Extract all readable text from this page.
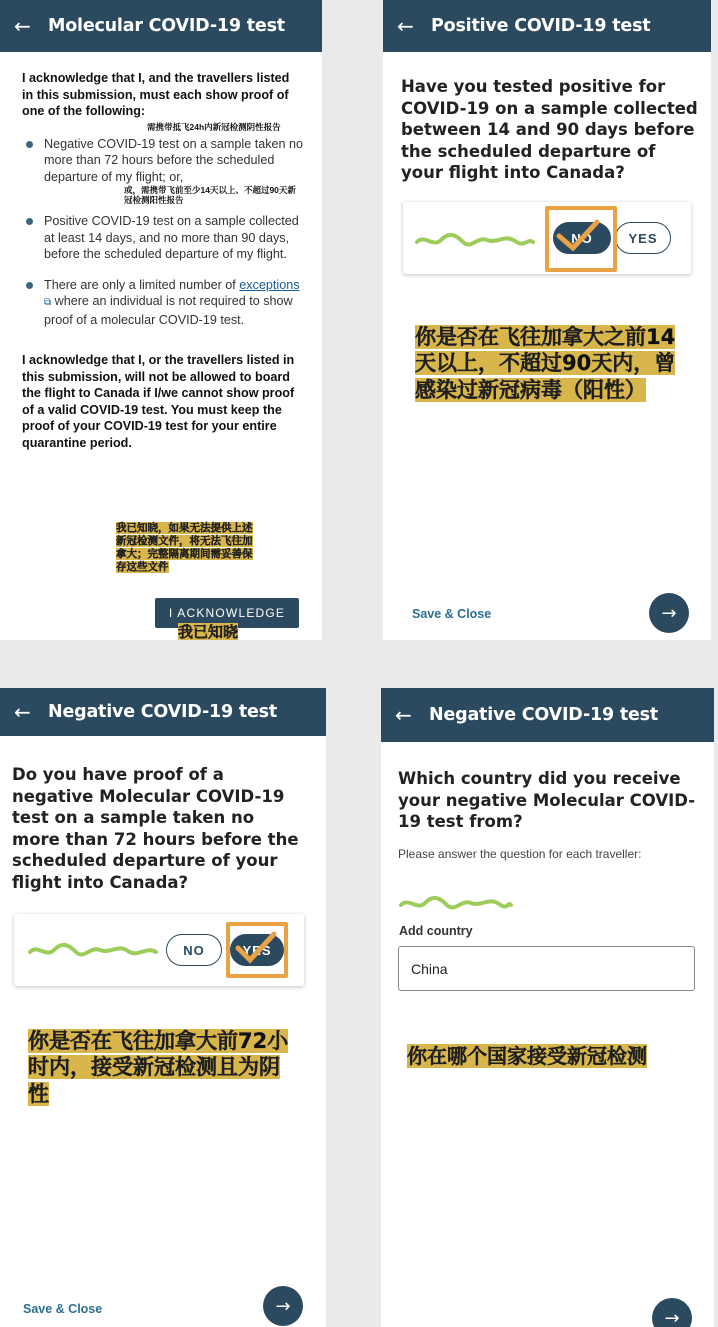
← Molecular COVID-19 test

I acknowledge that I, and the travellers listed in this submission, must each show proof of one of the following:

需携带抵飞24h内新冠检测阴性报告

Negative COVID-19 test on a sample taken no more than 72 hours before the scheduled departure of my flight; or,
或，需携带飞前至少14天以上、不超过90天新冠检测阳性报告
Positive COVID-19 test on a sample collected at least 14 days, and no more than 90 days, before the scheduled departure of my flight.
There are only a limited number of exceptions ⧉ where an individual is not required to show proof of a molecular COVID-19 test.

I acknowledge that I, or the travellers listed in this submission, will not be allowed to board the flight to Canada if I/we cannot show proof of a valid COVID-19 test. You must keep the proof of your COVID-19 test for your entire quarantine period.

我已知晓，如果无法提供上述新冠检测文件，将无法飞往加拿大；完整隔离期间需妥善保存这些文件
I ACKNOWLEDGE
我已知晓
← Positive COVID-19 test

Have you tested positive for COVID-19 on a sample collected between 14 and 90 days before the scheduled departure of your flight into Canada?

NO	YES
你是否在飞往加拿大之前14天以上，不超过90天内，曾感染过新冠病毒（阳性）
Save & Close	→
← Negative COVID-19 test

Do you have proof of a negative Molecular COVID-19 test on a sample taken no more than 72 hours before the scheduled departure of your flight into Canada?

NO	YES
你是否在飞往加拿大前72小时内，接受新冠检测且为阴性
Save & Close	→
← Negative COVID-19 test

Which country did you receive your negative Molecular COVID-19 test from?

Please answer the question for each traveller:

Add country

China
你在哪个国家接受新冠检测
→
